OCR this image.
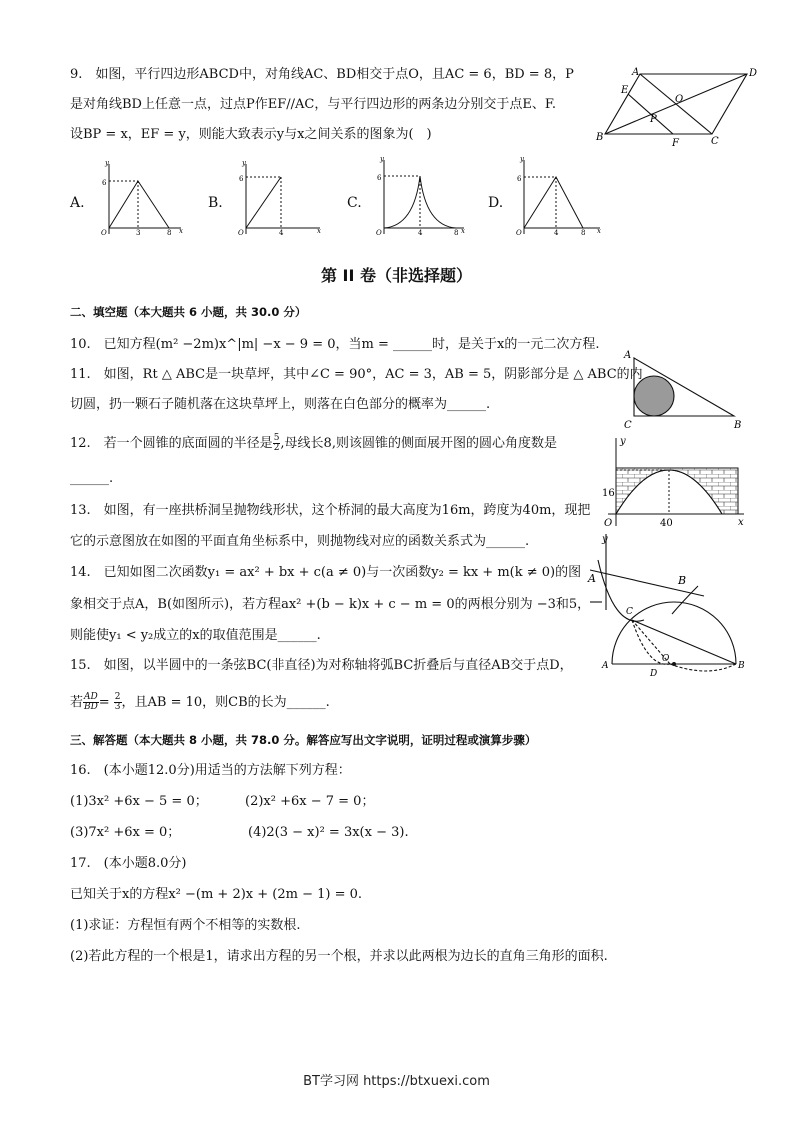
9.　如图，平行四边形ABCD中，对角线AC、BD相交于点O，且AC = 6，BD = 8，P
是对角线BD上任意一点，过点P作EF//AC，与平行四边形的两条边分别交于点E、F.
设BP = x，EF = y，则能大致表示y与x之间关系的图象为(　)
A	D
B	C
E
F
O
P
A.
6
3	8
O	x
y
B.
6
4
O	x
y
C.
6
4	8
O	x
y
D.
6
4	8
O	x
y
第 II 卷（非选择题）
二、填空题（本大题共 6 小题，共 30.0 分）
10.　已知方程(m² −2m)x^|m| −x − 9 = 0，当m = ______时，是关于x的一元二次方程.
11.　如图，Rt △ ABC是一块草坪，其中∠C = 90°，AC = 3，AB = 5，阴影部分是 △ ABC的内
切圆，扔一颗石子随机落在这块草坪上，则落在白色部分的概率为______.
A
C	B
12.　若一个圆锥的底面圆的半径是 $\frac{5}{2}$ ,母线长8,则该圆锥的侧面展开图的圆心角度数是
______.
13.　如图，有一座拱桥洞呈抛物线形状，这个桥洞的最大高度为16m，跨度为40m，现把
它的示意图放在如图的平面直角坐标系中，则抛物线对应的函数关系式为______.
y
x
O
16
40
14.　已知如图二次函数y₁ = ax² + bx + c(a ≠ 0)与一次函数y₂ = kx + m(k ≠ 0)的图
象相交于点A，B(如图所示)，若方程ax² +(b − k)x + c − m = 0的两根分别为 −3和5，
则能使y₁ < y₂成立的x的取值范围是______.
y
A	B
15.　如图，以半圆中的一条弦BC(非直径)为对称轴将弧BC折叠后与直径AB交于点D，
若 $\frac{AD}{BD} = \frac{2}{3}$ ，且AB = 10，则CB的长为______.
A	B
C
D
O
三、解答题（本大题共 8 小题，共 78.0 分。解答应写出文字说明，证明过程或演算步骤）
16.　(本小题12.0分)用适当的方法解下列方程：
(1)3x² +6x − 5 = 0；	(2)x² +6x − 7 = 0；
(3)7x² +6x = 0；	(4)2(3 − x)² = 3x(x − 3).
17.　(本小题8.0分)
已知关于x的方程x² −(m + 2)x + (2m − 1) = 0.
(1)求证：方程恒有两个不相等的实数根.
(2)若此方程的一个根是1，请求出方程的另一个根，并求以此两根为边长的直角三角形的面积.
BT学习网 https://btxuexi.com
